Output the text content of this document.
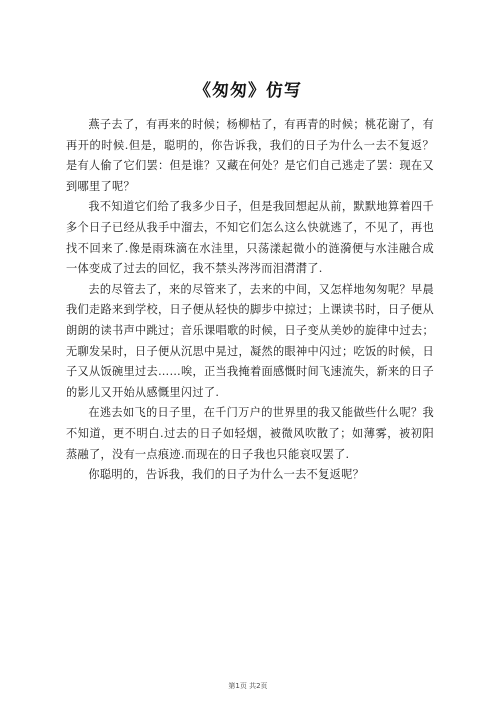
《匆匆》仿写

燕子去了，有再来的时候；杨柳枯了，有再青的时候；桃花谢了，有再开的时候.但是，聪明的，你告诉我，我们的日子为什么一去不复返？是有人偷了它们罢：但是谁？又藏在何处？是它们自己逃走了罢：现在又到哪里了呢？

我不知道它们给了我多少日子，但是我回想起从前，默默地算着四千多个日子已经从我手中溜去，不知它们怎么这么快就逃了，不见了，再也找不回来了.像是雨珠滴在水洼里，只荡漾起微小的涟漪便与水洼融合成一体变成了过去的回忆，我不禁头涔涔而泪潸潸了.

去的尽管去了，来的尽管来了，去来的中间，又怎样地匆匆呢？早晨我们走路来到学校，日子便从轻快的脚步中掠过；上课读书时，日子便从朗朗的读书声中跳过；音乐课唱歌的时候，日子变从美妙的旋律中过去；无聊发呆时，日子便从沉思中晃过，凝然的眼神中闪过；吃饭的时候，日子又从饭碗里过去……唉，正当我掩着面感慨时间飞速流失，新来的日子的影儿又开始从感慨里闪过了.

在逃去如飞的日子里，在千门万户的世界里的我又能做些什么呢？我不知道，更不明白.过去的日子如轻烟，被微风吹散了；如薄雾，被初阳蒸融了，没有一点痕迹.而现在的日子我也只能哀叹罢了.

你聪明的，告诉我，我们的日子为什么一去不复返呢？

第1页 共2页
